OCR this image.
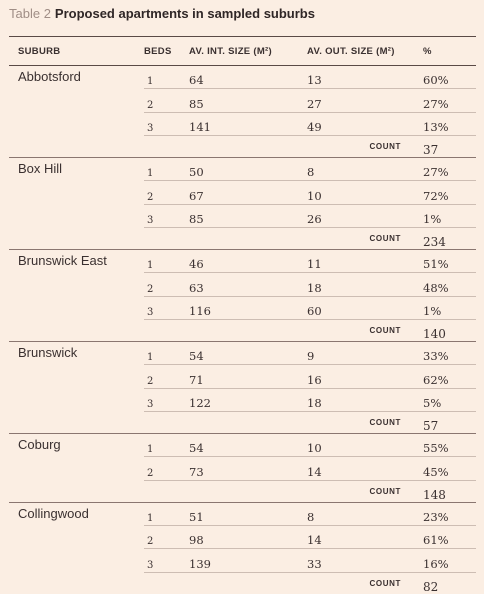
Table 2 Proposed apartments in sampled suburbs
SUBURB	BEDS	AV. INT. SIZE (M²)	AV. OUT. SIZE (M²)	%
Abbotsford	1	64	13	60%
	2	85	27	27%
	3	141	49	13%
			COUNT	37
Box Hill	1	50	8	27%
	2	67	10	72%
	3	85	26	1%
			COUNT	234
Brunswick East	1	46	11	51%
	2	63	18	48%
	3	116	60	1%
			COUNT	140
Brunswick	1	54	9	33%
	2	71	16	62%
	3	122	18	5%
			COUNT	57
Coburg	1	54	10	55%
	2	73	14	45%
			COUNT	148
Collingwood	1	51	8	23%
	2	98	14	61%
	3	139	33	16%
			COUNT	82
